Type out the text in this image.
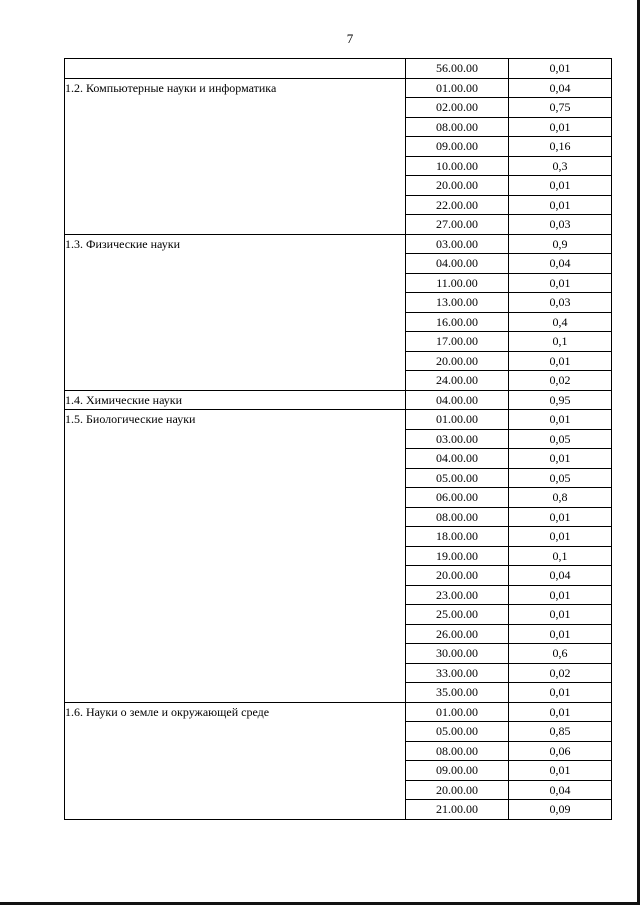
7
	56.00.00	0,01
1.2. Компьютерные науки и информатика	01.00.00	0,04
	02.00.00	0,75
	08.00.00	0,01
	09.00.00	0,16
	10.00.00	0,3
	20.00.00	0,01
	22.00.00	0,01
	27.00.00	0,03
1.3. Физические науки	03.00.00	0,9
	04.00.00	0,04
	11.00.00	0,01
	13.00.00	0,03
	16.00.00	0,4
	17.00.00	0,1
	20.00.00	0,01
	24.00.00	0,02
1.4. Химические науки	04.00.00	0,95
1.5. Биологические науки	01.00.00	0,01
	03.00.00	0,05
	04.00.00	0,01
	05.00.00	0,05
	06.00.00	0,8
	08.00.00	0,01
	18.00.00	0,01
	19.00.00	0,1
	20.00.00	0,04
	23.00.00	0,01
	25.00.00	0,01
	26.00.00	0,01
	30.00.00	0,6
	33.00.00	0,02
	35.00.00	0,01
1.6. Науки о земле и окружающей среде	01.00.00	0,01
	05.00.00	0,85
	08.00.00	0,06
	09.00.00	0,01
	20.00.00	0,04
	21.00.00	0,09
